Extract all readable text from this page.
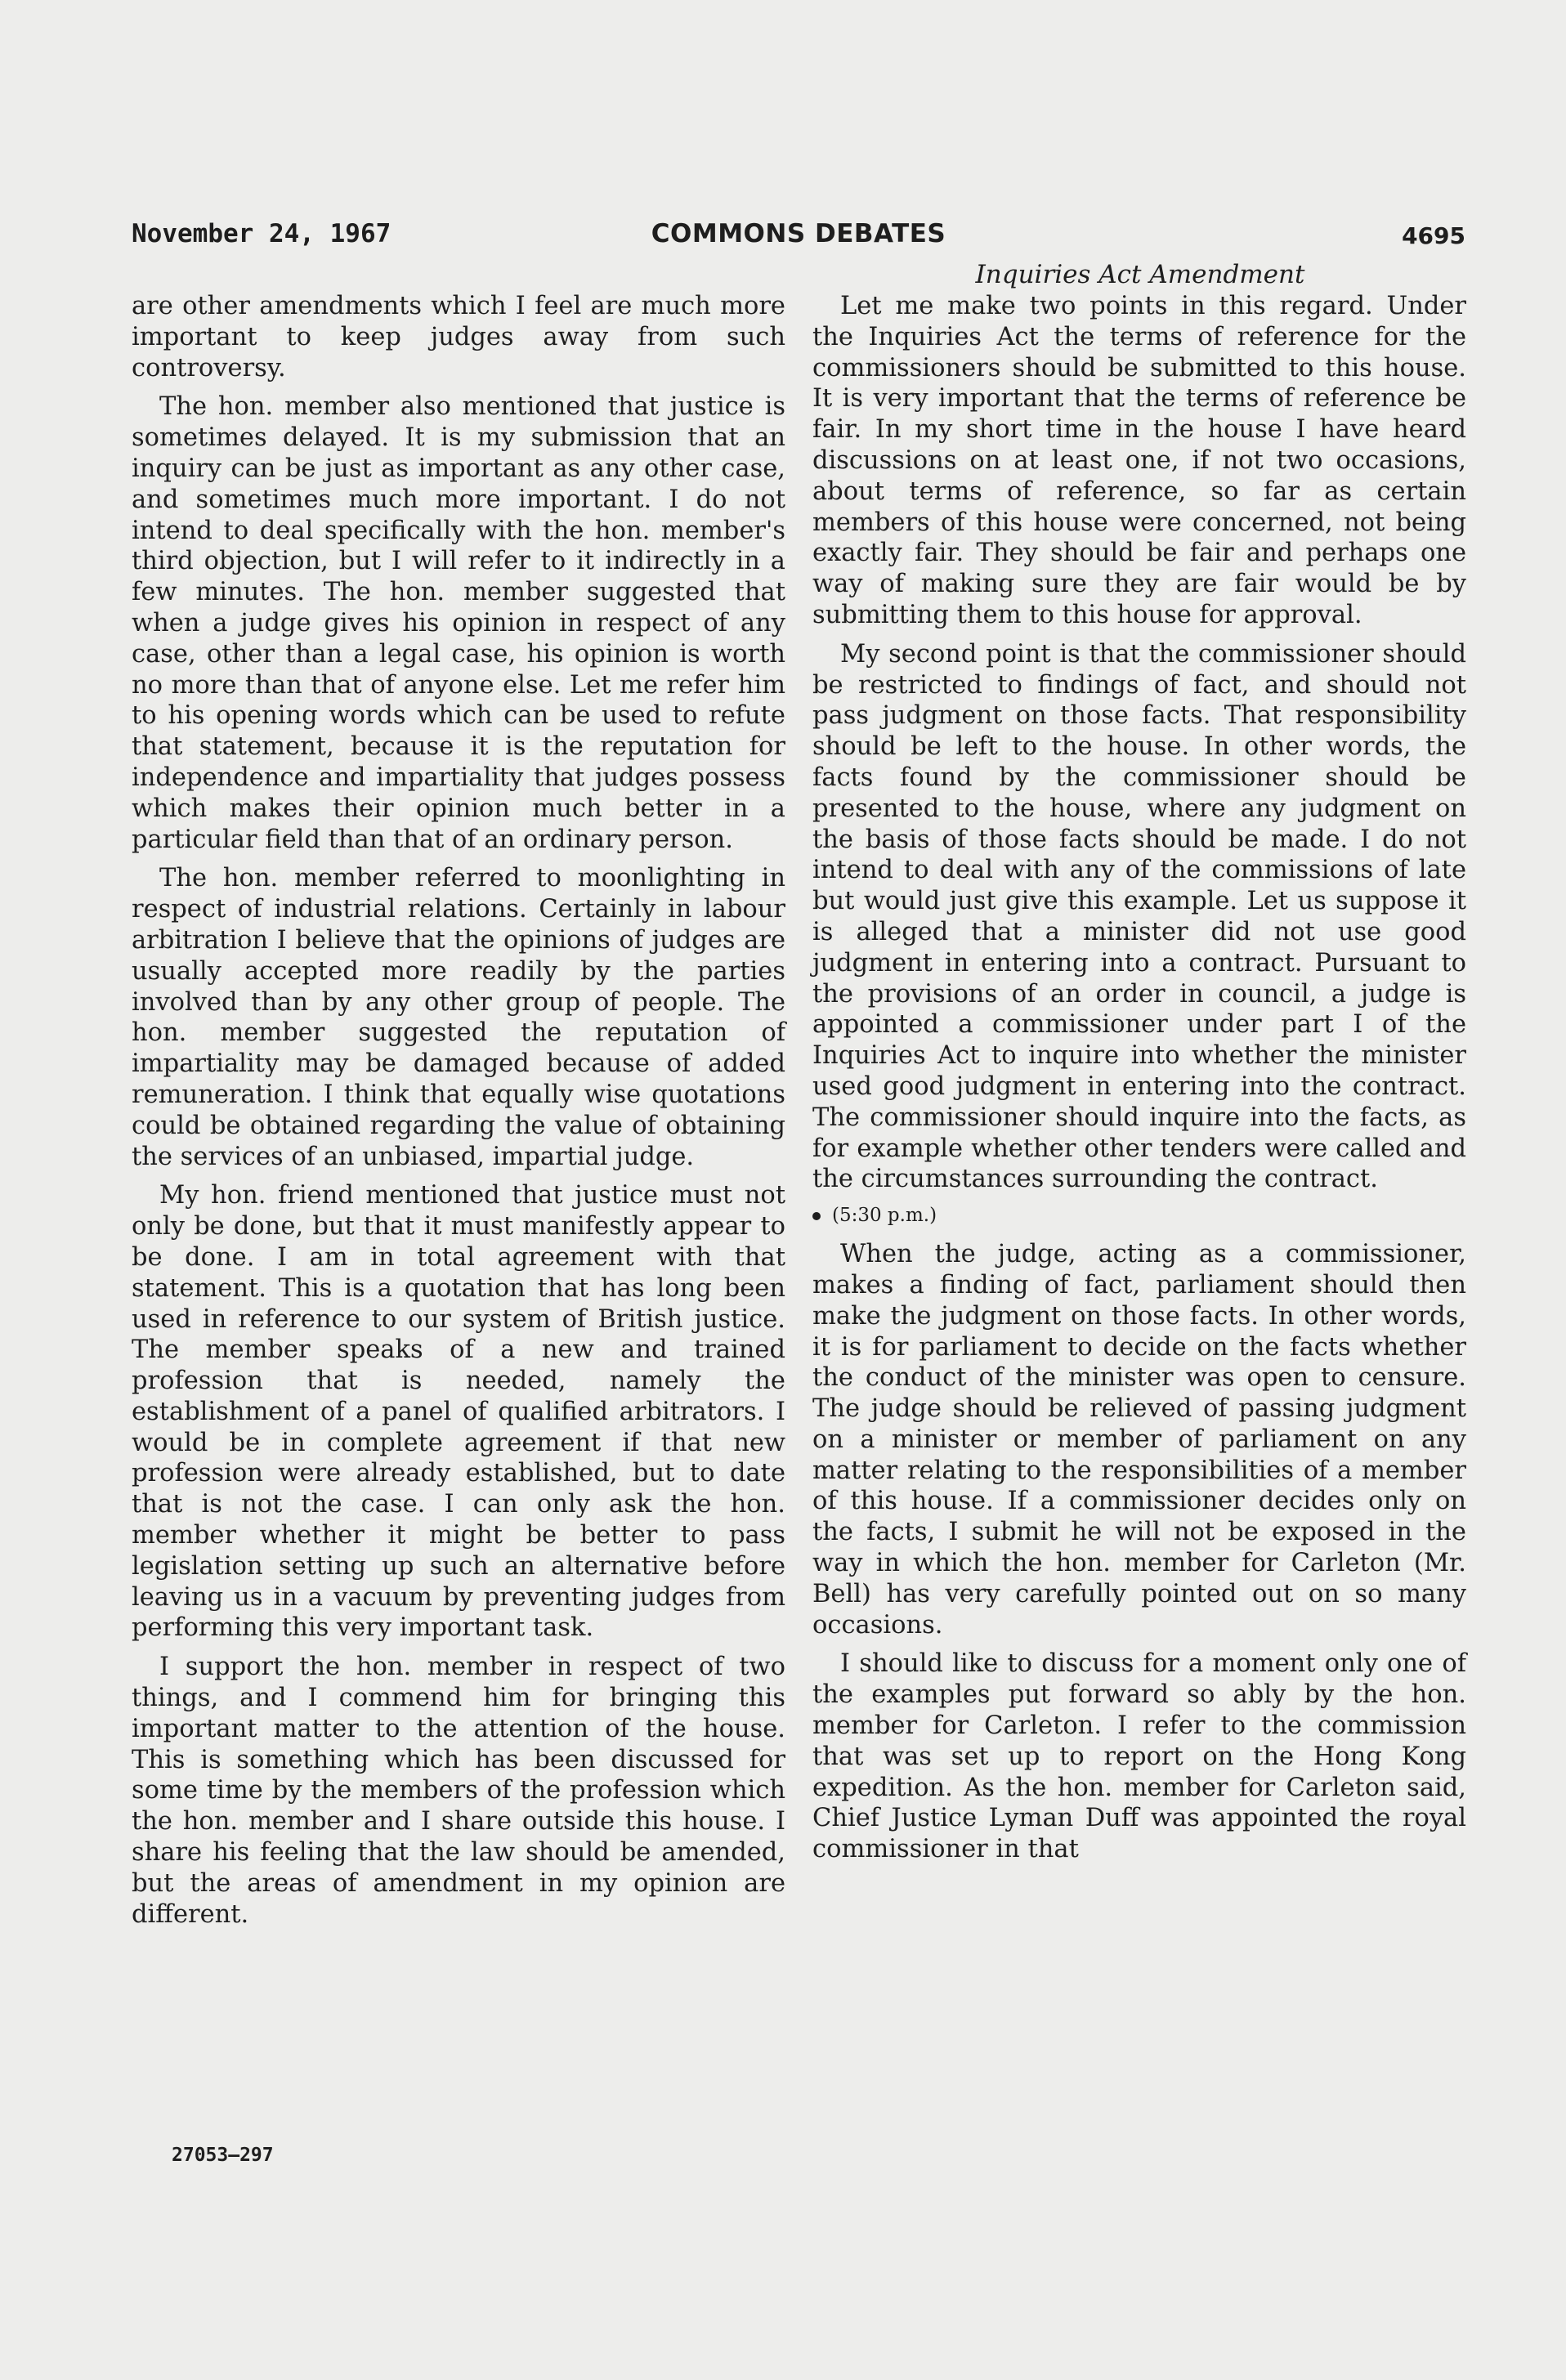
November 24, 1967	COMMONS DEBATES	4695
Inquiries Act Amendment

are other amendments which I feel are much more important to keep judges away from such controversy.

The hon. member also mentioned that justice is sometimes delayed. It is my submission that an inquiry can be just as important as any other case, and sometimes much more important. I do not intend to deal specifically with the hon. member's third objection, but I will refer to it indirectly in a few minutes. The hon. member suggested that when a judge gives his opinion in respect of any case, other than a legal case, his opinion is worth no more than that of anyone else. Let me refer him to his opening words which can be used to refute that statement, because it is the reputation for independence and impartiality that judges possess which makes their opinion much better in a particular field than that of an ordinary person.

The hon. member referred to moonlighting in respect of industrial relations. Certainly in labour arbitration I believe that the opinions of judges are usually accepted more readily by the parties involved than by any other group of people. The hon. member suggested the reputation of impartiality may be damaged because of added remuneration. I think that equally wise quotations could be obtained regarding the value of obtaining the services of an unbiased, impartial judge.

My hon. friend mentioned that justice must not only be done, but that it must manifestly appear to be done. I am in total agreement with that statement. This is a quotation that has long been used in reference to our system of British justice. The member speaks of a new and trained profession that is needed, namely the establishment of a panel of qualified arbitrators. I would be in complete agreement if that new profession were already established, but to date that is not the case. I can only ask the hon. member whether it might be better to pass legislation setting up such an alternative before leaving us in a vacuum by preventing judges from performing this very important task.

I support the hon. member in respect of two things, and I commend him for bringing this important matter to the attention of the house. This is something which has been discussed for some time by the members of the profession which the hon. member and I share outside this house. I share his feeling that the law should be amended, but the areas of amendment in my opinion are different.

Let me make two points in this regard. Under the Inquiries Act the terms of reference for the commissioners should be submitted to this house. It is very important that the terms of reference be fair. In my short time in the house I have heard discussions on at least one, if not two occasions, about terms of reference, so far as certain members of this house were concerned, not being exactly fair. They should be fair and perhaps one way of making sure they are fair would be by submitting them to this house for approval.

My second point is that the commissioner should be restricted to findings of fact, and should not pass judgment on those facts. That responsibility should be left to the house. In other words, the facts found by the commissioner should be presented to the house, where any judgment on the basis of those facts should be made. I do not intend to deal with any of the commissions of late but would just give this example. Let us suppose it is alleged that a minister did not use good judgment in entering into a contract. Pursuant to the provisions of an order in council, a judge is appointed a commissioner under part I of the Inquiries Act to inquire into whether the minister used good judgment in entering into the contract. The commissioner should inquire into the facts, as for example whether other tenders were called and the circumstances surrounding the contract.

(5:30 p.m.)

When the judge, acting as a commissioner, makes a finding of fact, parliament should then make the judgment on those facts. In other words, it is for parliament to decide on the facts whether the conduct of the minister was open to censure. The judge should be relieved of passing judgment on a minister or member of parliament on any matter relating to the responsibilities of a member of this house. If a commissioner decides only on the facts, I submit he will not be exposed in the way in which the hon. member for Carleton (Mr. Bell) has very carefully pointed out on so many occasions.

I should like to discuss for a moment only one of the examples put forward so ably by the hon. member for Carleton. I refer to the commission that was set up to report on the Hong Kong expedition. As the hon. member for Carleton said, Chief Justice Lyman Duff was appointed the royal commissioner in that

27053—297
